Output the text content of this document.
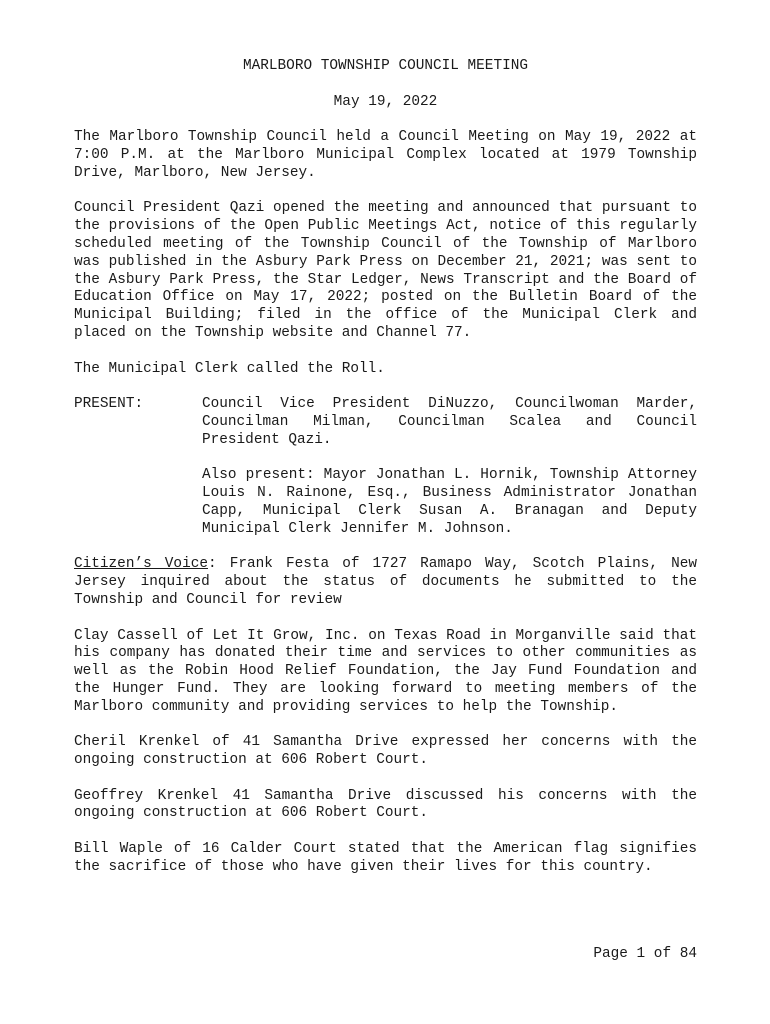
MARLBORO TOWNSHIP COUNCIL MEETING
May 19, 2022

The Marlboro Township Council held a Council Meeting on May 19, 2022 at 7:00 P.M. at the Marlboro Municipal Complex located at 1979 Township Drive, Marlboro, New Jersey.

Council President Qazi opened the meeting and announced that pursuant to the provisions of the Open Public Meetings Act, notice of this regularly scheduled meeting of the Township Council of the Township of Marlboro was published in the Asbury Park Press on December 21, 2021; was sent to the Asbury Park Press, the Star Ledger, News Transcript and the Board of Education Office on May 17, 2022; posted on the Bulletin Board of the Municipal Building; filed in the office of the Municipal Clerk and placed on the Township website and Channel 77.

The Municipal Clerk called the Roll.

PRESENT:	Council Vice President DiNuzzo, Councilwoman Marder, Councilman Milman, Councilman Scalea and Council President Qazi.

Also present: Mayor Jonathan L. Hornik, Township Attorney Louis N. Rainone, Esq., Business Administrator Jonathan Capp, Municipal Clerk Susan A. Branagan and Deputy Municipal Clerk Jennifer M. Johnson.

Citizen’s Voice: Frank Festa of 1727 Ramapo Way, Scotch Plains, New Jersey inquired about the status of documents he submitted to the Township and Council for review

Clay Cassell of Let It Grow, Inc. on Texas Road in Morganville said that his company has donated their time and services to other communities as well as the Robin Hood Relief Foundation, the Jay Fund Foundation and the Hunger Fund. They are looking forward to meeting members of the Marlboro community and providing services to help the Township.

Cheril Krenkel of 41 Samantha Drive expressed her concerns with the ongoing construction at 606 Robert Court.

Geoffrey Krenkel 41 Samantha Drive discussed his concerns with the ongoing construction at 606 Robert Court.

Bill Waple of 16 Calder Court stated that the American flag signifies the sacrifice of those who have given their lives for this country.

Page 1 of 84
